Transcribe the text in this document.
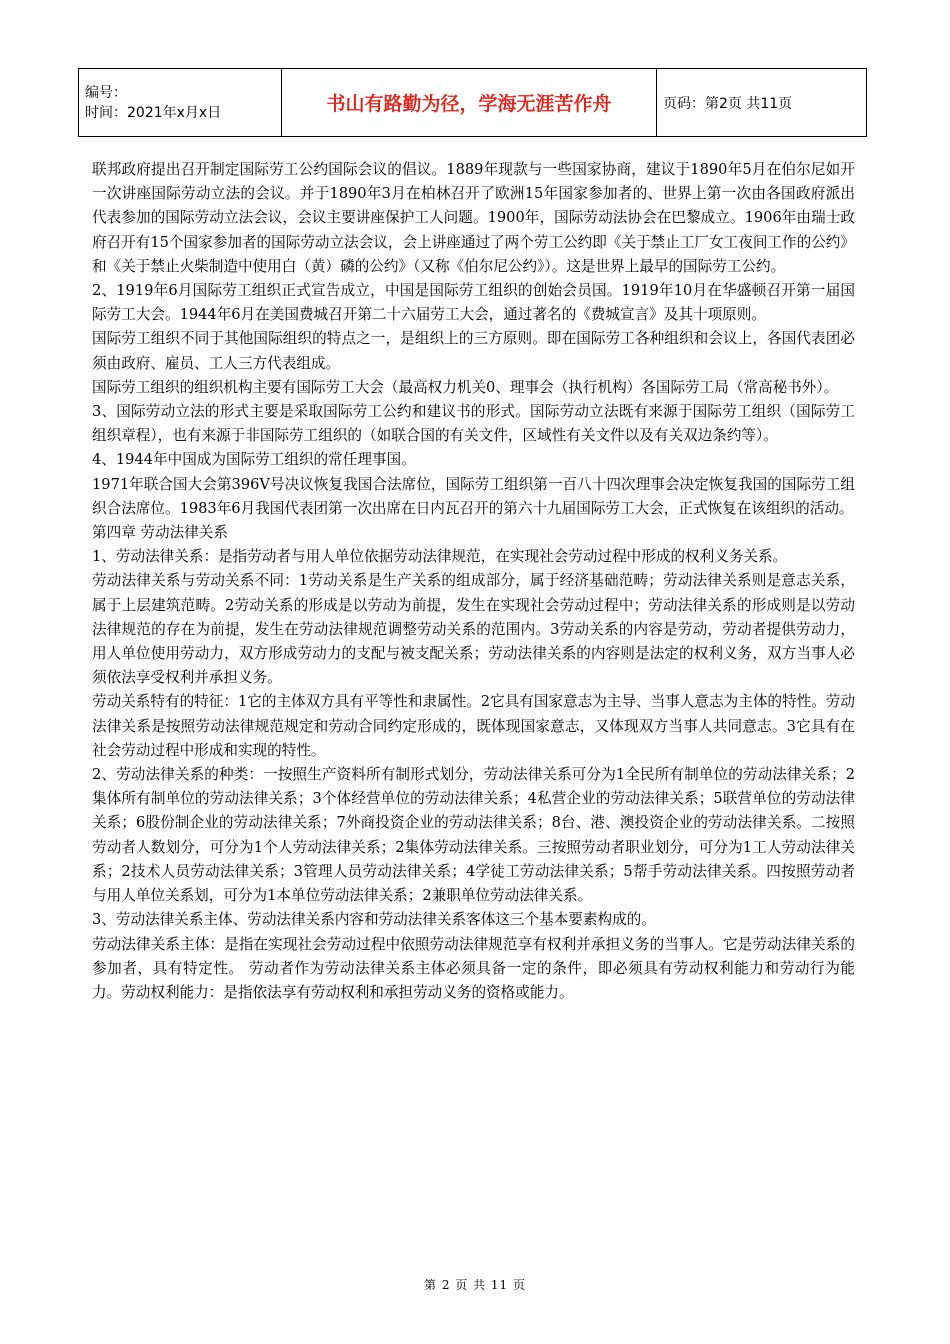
编号：
时间：2021年x月x日	书山有路勤为径，学海无涯苦作舟	页码：第2页 共11页

联邦政府提出召开制定国际劳工公约国际会议的倡议。1889年现款与一些国家协商，建议于1890年5月在伯尔尼如开一次讲座国际劳动立法的会议。并于1890年3月在柏林召开了欧洲15年国家参加者的、世界上第一次由各国政府派出代表参加的国际劳动立法会议，会议主要讲座保护工人问题。1900年，国际劳动法协会在巴黎成立。1906年由瑞士政府召开有15个国家参加者的国际劳动立法会议，会上讲座通过了两个劳工公约即《关于禁止工厂女工夜间工作的公约》和《关于禁止火柴制造中使用白（黄）磷的公约》（又称《伯尔尼公约》）。这是世界上最早的国际劳工公约。

2、1919年6月国际劳工组织正式宣告成立，中国是国际劳工组织的创始会员国。1919年10月在华盛顿召开第一届国际劳工大会。1944年6月在美国费城召开第二十六届劳工大会，通过著名的《费城宣言》及其十项原则。

国际劳工组织不同于其他国际组织的特点之一，是组织上的三方原则。即在国际劳工各种组织和会议上，各国代表团必须由政府、雇员、工人三方代表组成。

国际劳工组织的组织机构主要有国际劳工大会（最高权力机关0、理事会（执行机构）各国际劳工局（常高秘书外）。

3、国际劳动立法的形式主要是采取国际劳工公约和建议书的形式。国际劳动立法既有来源于国际劳工组织（国际劳工组织章程），也有来源于非国际劳工组织的（如联合国的有关文件，区域性有关文件以及有关双边条约等）。

4、1944年中国成为国际劳工组织的常任理事国。

1971年联合国大会第396V号决议恢复我国合法席位，国际劳工组织第一百八十四次理事会决定恢复我国的国际劳工组织合法席位。1983年6月我国代表团第一次出席在日内瓦召开的第六十九届国际劳工大会，正式恢复在该组织的活动。

第四章 劳动法律关系

1、劳动法律关系：是指劳动者与用人单位依据劳动法律规范，在实现社会劳动过程中形成的权利义务关系。

劳动法律关系与劳动关系不同：1劳动关系是生产关系的组成部分，属于经济基础范畴；劳动法律关系则是意志关系，属于上层建筑范畴。2劳动关系的形成是以劳动为前提，发生在实现社会劳动过程中；劳动法律关系的形成则是以劳动法律规范的存在为前提，发生在劳动法律规范调整劳动关系的范围内。3劳动关系的内容是劳动，劳动者提供劳动力，用人单位使用劳动力，双方形成劳动力的支配与被支配关系；劳动法律关系的内容则是法定的权利义务，双方当事人必须依法享受权利并承担义务。

劳动关系特有的特征：1它的主体双方具有平等性和隶属性。2它具有国家意志为主导、当事人意志为主体的特性。劳动法律关系是按照劳动法律规范规定和劳动合同约定形成的，既体现国家意志，又体现双方当事人共同意志。3它具有在社会劳动过程中形成和实现的特性。

2、劳动法律关系的种类：一按照生产资料所有制形式划分，劳动法律关系可分为1全民所有制单位的劳动法律关系；2集体所有制单位的劳动法律关系；3个体经营单位的劳动法律关系；4私营企业的劳动法律关系；5联营单位的劳动法律关系；6股份制企业的劳动法律关系；7外商投资企业的劳动法律关系；8台、港、澳投资企业的劳动法律关系。二按照劳动者人数划分，可分为1个人劳动法律关系；2集体劳动法律关系。三按照劳动者职业划分，可分为1工人劳动法律关系；2技术人员劳动法律关系；3管理人员劳动法律关系；4学徒工劳动法律关系；5帮手劳动法律关系。四按照劳动者与用人单位关系划，可分为1本单位劳动法律关系；2兼职单位劳动法律关系。

3、劳动法律关系主体、劳动法律关系内容和劳动法律关系客体这三个基本要素构成的。

劳动法律关系主体：是指在实现社会劳动过程中依照劳动法律规范享有权利并承担义务的当事人。它是劳动法律关系的参加者，具有特定性。 劳动者作为劳动法律关系主体必须具备一定的条件，即必须具有劳动权利能力和劳动行为能力。劳动权利能力：是指依法享有劳动权利和承担劳动义务的资格或能力。

第 2 页 共 11 页
